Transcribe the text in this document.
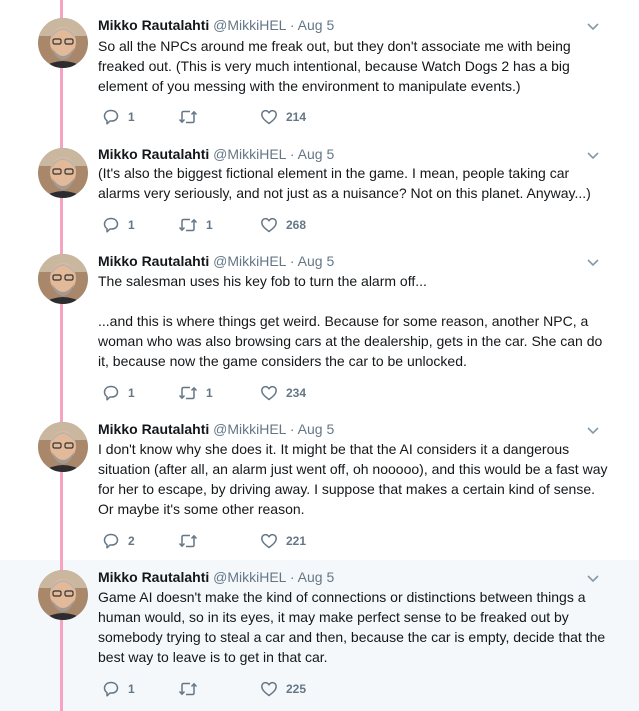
Mikko Rautalahti @MikkiHEL · Aug 5

So all the NPCs around me freak out, but they don't associate me with being freaked out. (This is very much intentional, because Watch Dogs 2 has a big element of you messing with the environment to manipulate events.)

1	214
Mikko Rautalahti @MikkiHEL · Aug 5

(It's also the biggest fictional element in the game. I mean, people taking car alarms very seriously, and not just as a nuisance? Not on this planet. Anyway...)

1	1	268
Mikko Rautalahti @MikkiHEL · Aug 5

The salesman uses his key fob to turn the alarm off...

...and this is where things get weird. Because for some reason, another NPC, a woman who was also browsing cars at the dealership, gets in the car. She can do it, because now the game considers the car to be unlocked.

1	1	234
Mikko Rautalahti @MikkiHEL · Aug 5

I don't know why she does it. It might be that the AI considers it a dangerous situation (after all, an alarm just went off, oh nooooo), and this would be a fast way for her to escape, by driving away. I suppose that makes a certain kind of sense. Or maybe it's some other reason.

2	221
Mikko Rautalahti @MikkiHEL · Aug 5

Game AI doesn't make the kind of connections or distinctions between things a human would, so in its eyes, it may make perfect sense to be freaked out by somebody trying to steal a car and then, because the car is empty, decide that the best way to leave is to get in that car.

1	225
